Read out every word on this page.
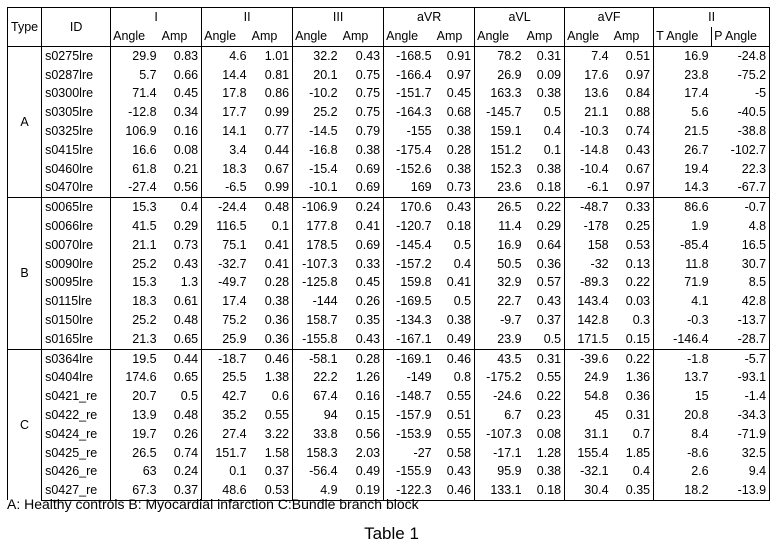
Type	ID	I		II		III		aVR		aVL		aVF		II	
		Angle	Amp	Angle	Amp	Angle	Amp	Angle	Amp	Angle	Amp	Angle	Amp	T Angle	P Angle
A	s0275lre	29.9	0.83	4.6	1.01	32.2	0.43	-168.5	0.91	78.2	0.31	7.4	0.51	16.9	-24.8
	s0287lre	5.7	0.66	14.4	0.81	20.1	0.75	-166.4	0.97	26.9	0.09	17.6	0.97	23.8	-75.2
	s0300lre	71.4	0.45	17.8	0.86	-10.2	0.75	-151.7	0.45	163.3	0.38	13.6	0.84	17.4	-5
	s0305lre	-12.8	0.34	17.7	0.99	25.2	0.75	-164.3	0.68	-145.7	0.5	21.1	0.88	5.6	-40.5
	s0325lre	106.9	0.16	14.1	0.77	-14.5	0.79	-155	0.38	159.1	0.4	-10.3	0.74	21.5	-38.8
	s0415lre	16.6	0.08	3.4	0.44	-16.8	0.38	-175.4	0.28	151.2	0.1	-14.8	0.43	26.7	-102.7
	s0460lre	61.8	0.21	18.3	0.67	-15.4	0.69	-152.6	0.38	152.3	0.38	-10.4	0.67	19.4	22.3
	s0470lre	-27.4	0.56	-6.5	0.99	-10.1	0.69	169	0.73	23.6	0.18	-6.1	0.97	14.3	-67.7
B	s0065lre	15.3	0.4	-24.4	0.48	-106.9	0.24	170.6	0.43	26.5	0.22	-48.7	0.33	86.6	-0.7
	s0066lre	41.5	0.29	116.5	0.1	177.8	0.41	-120.7	0.18	11.4	0.29	-178	0.25	1.9	4.8
	s0070lre	21.1	0.73	75.1	0.41	178.5	0.69	-145.4	0.5	16.9	0.64	158	0.53	-85.4	16.5
	s0090lre	25.2	0.43	-32.7	0.41	-107.3	0.33	-157.2	0.4	50.5	0.36	-32	0.13	11.8	30.7
	s0095lre	15.3	1.3	-49.7	0.28	-125.8	0.45	159.8	0.41	32.9	0.57	-89.3	0.22	71.9	8.5
	s0115lre	18.3	0.61	17.4	0.38	-144	0.26	-169.5	0.5	22.7	0.43	143.4	0.03	4.1	42.8
	s0150lre	25.2	0.48	75.2	0.36	158.7	0.35	-134.3	0.38	-9.7	0.37	142.8	0.3	-0.3	-13.7
	s0165lre	21.3	0.65	25.9	0.36	-155.8	0.43	-167.1	0.49	23.9	0.5	171.5	0.15	-146.4	-28.7
C	s0364lre	19.5	0.44	-18.7	0.46	-58.1	0.28	-169.1	0.46	43.5	0.31	-39.6	0.22	-1.8	-5.7
	s0404lre	174.6	0.65	25.5	1.38	22.2	1.26	-149	0.8	-175.2	0.55	24.9	1.36	13.7	-93.1
	s0421_re	20.7	0.5	42.7	0.6	67.4	0.16	-148.7	0.55	-24.6	0.22	54.8	0.36	15	-1.4
	s0422_re	13.9	0.48	35.2	0.55	94	0.15	-157.9	0.51	6.7	0.23	45	0.31	20.8	-34.3
	s0424_re	19.7	0.26	27.4	3.22	33.8	0.56	-153.9	0.55	-107.3	0.08	31.1	0.7	8.4	-71.9
	s0425_re	26.5	0.74	151.7	1.58	158.3	2.03	-27	0.58	-17.1	1.28	155.4	1.85	-8.6	32.5
	s0426_re	63	0.24	0.1	0.37	-56.4	0.49	-155.9	0.43	95.9	0.38	-32.1	0.4	2.6	9.4
	s0427_re	67.3	0.37	48.6	0.53	4.9	0.19	-122.3	0.46	133.1	0.18	30.4	0.35	18.2	-13.9
A: Healthy controls B: Myocardial infarction C:Bundle branch block
Table 1
